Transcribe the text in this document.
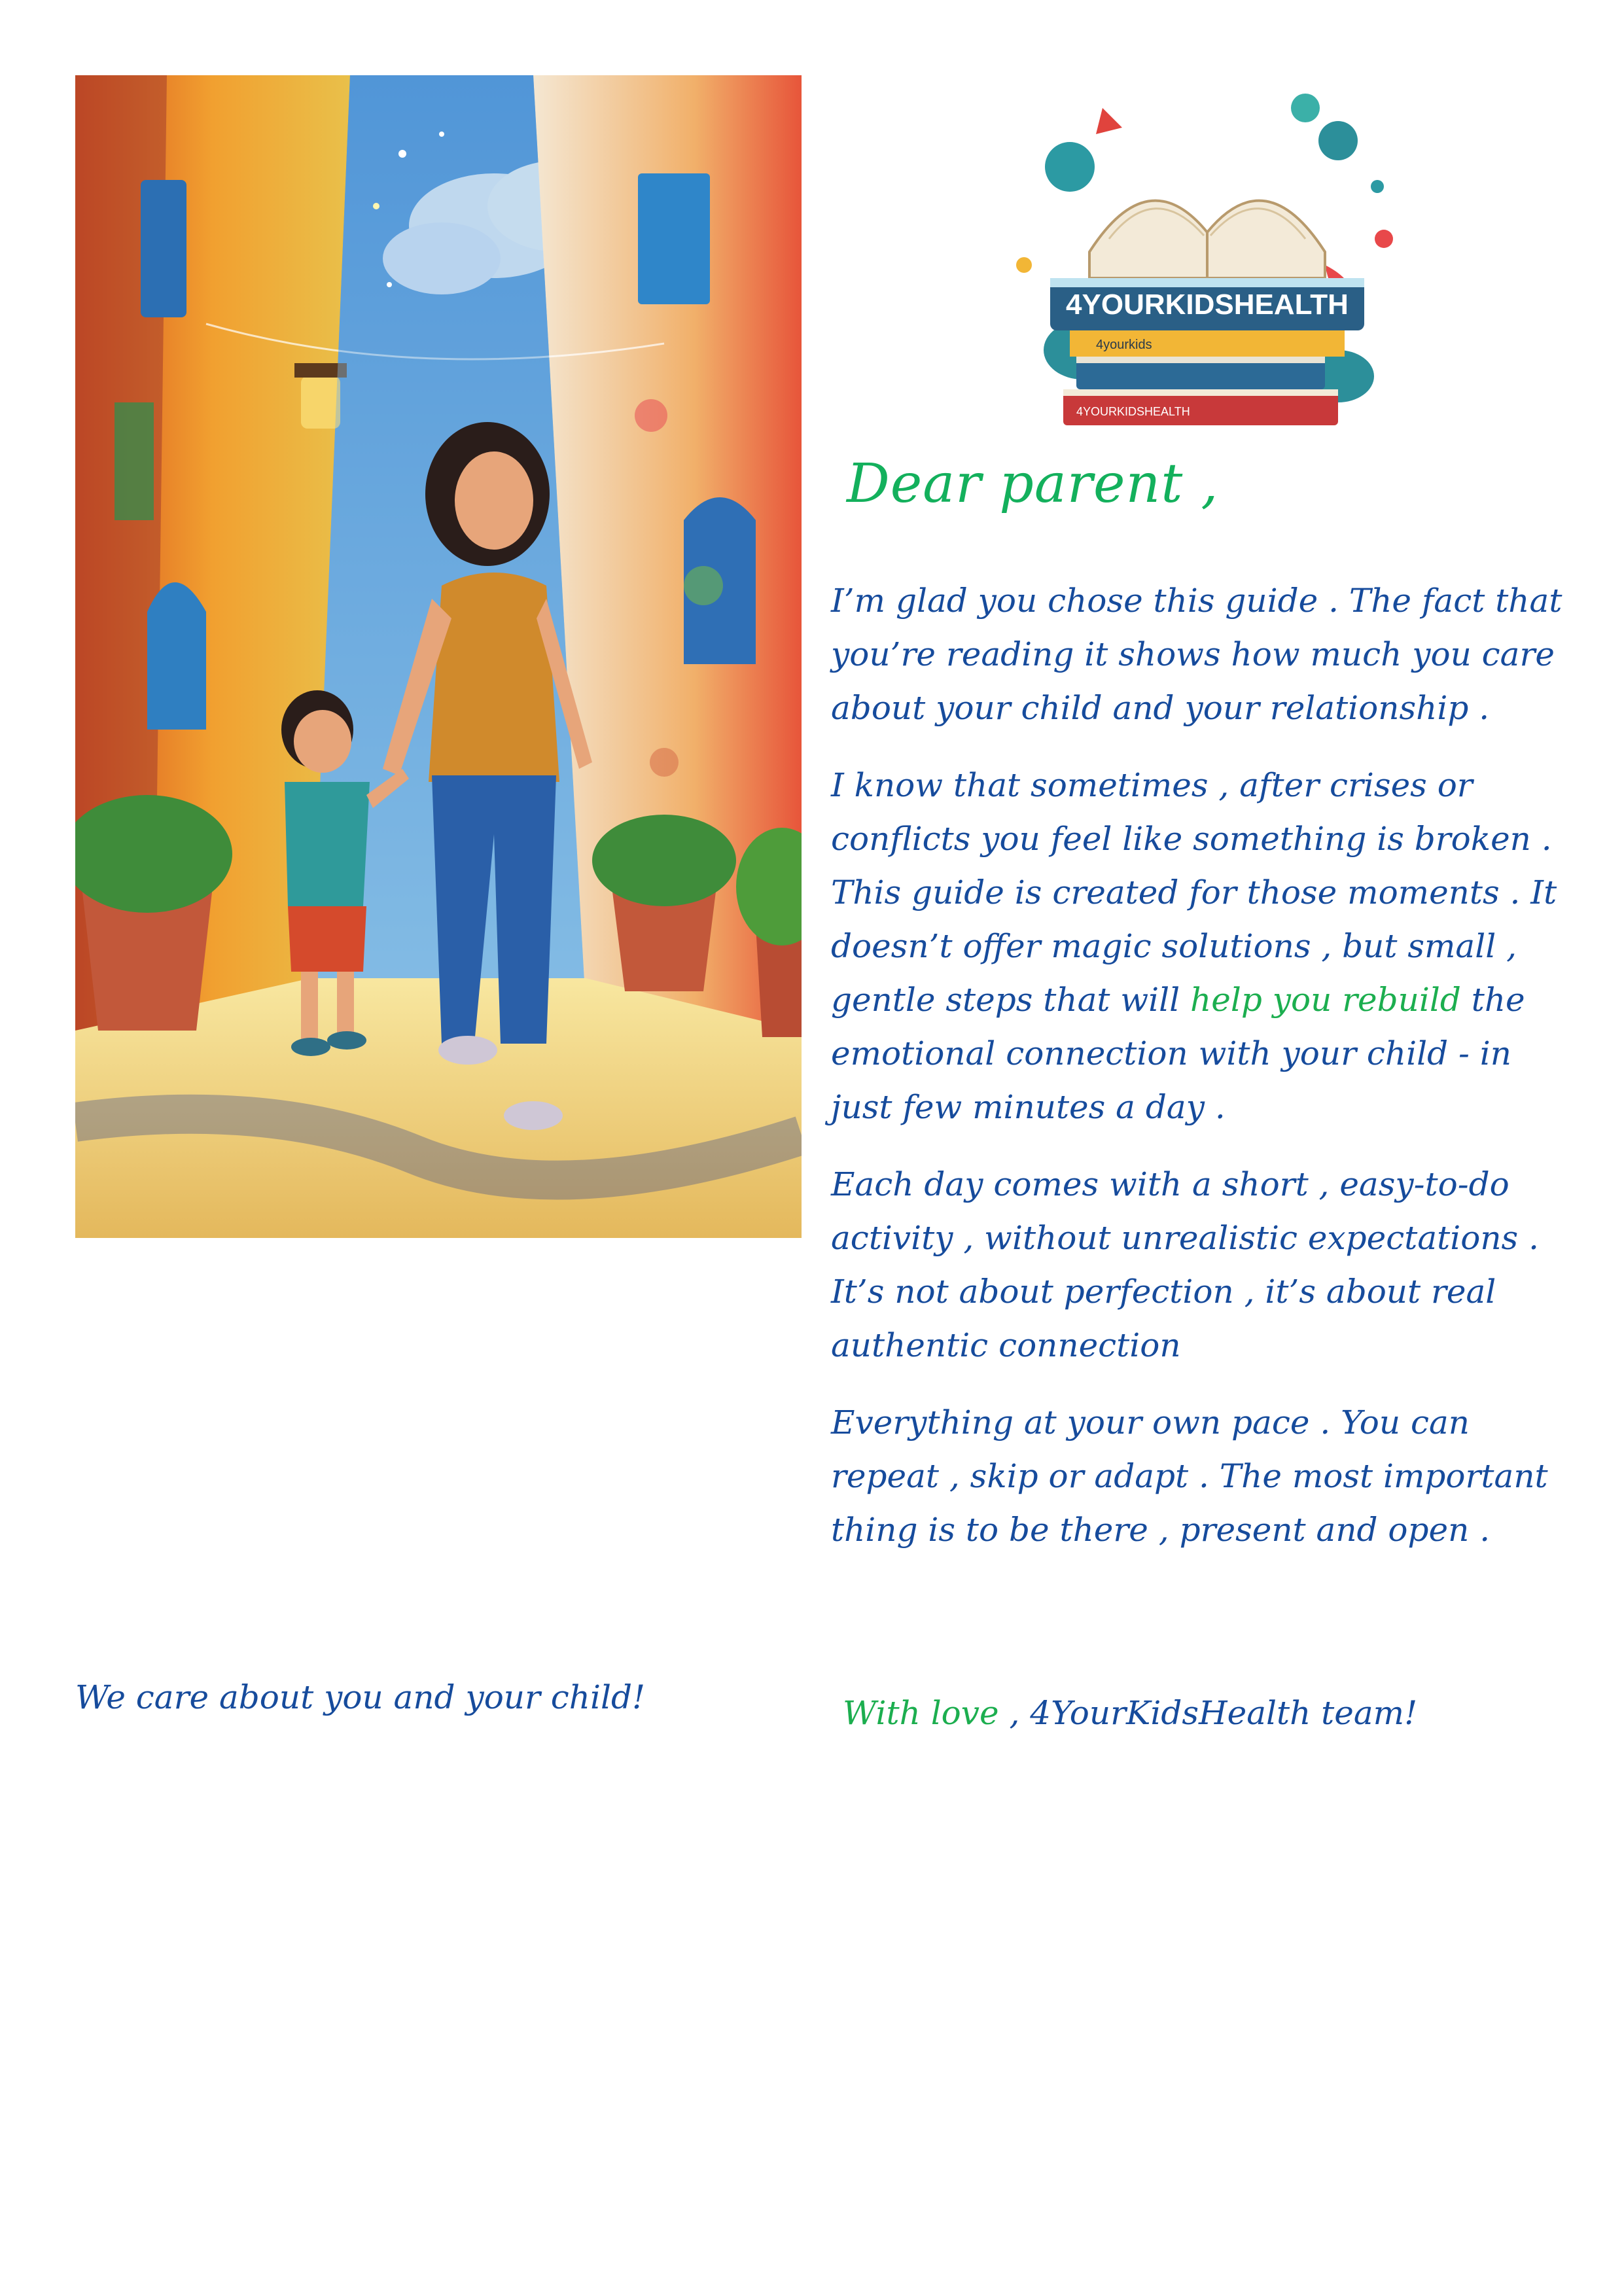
4YOURKIDSHEALTH
4yourkids
4YOURKIDSHEALTH

Dear parent ,

I’m glad you chose this guide . The fact that you’re reading it shows how much you care about your child and your relationship .

I know that sometimes , after crises or conflicts you feel like something is broken . This guide is created for those moments . It doesn’t offer magic solutions , but small , gentle steps that will help you rebuild the emotional connection with your child - in just few minutes a day .

Each day comes with a short , easy-to-do activity , without unrealistic expectations . It’s not about perfection , it’s about real authentic connection

Everything at your own pace . You can repeat , skip or adapt . The most important thing is to be there , present and open .

With love , 4YourKidsHealth team!

We care about you and your child!
